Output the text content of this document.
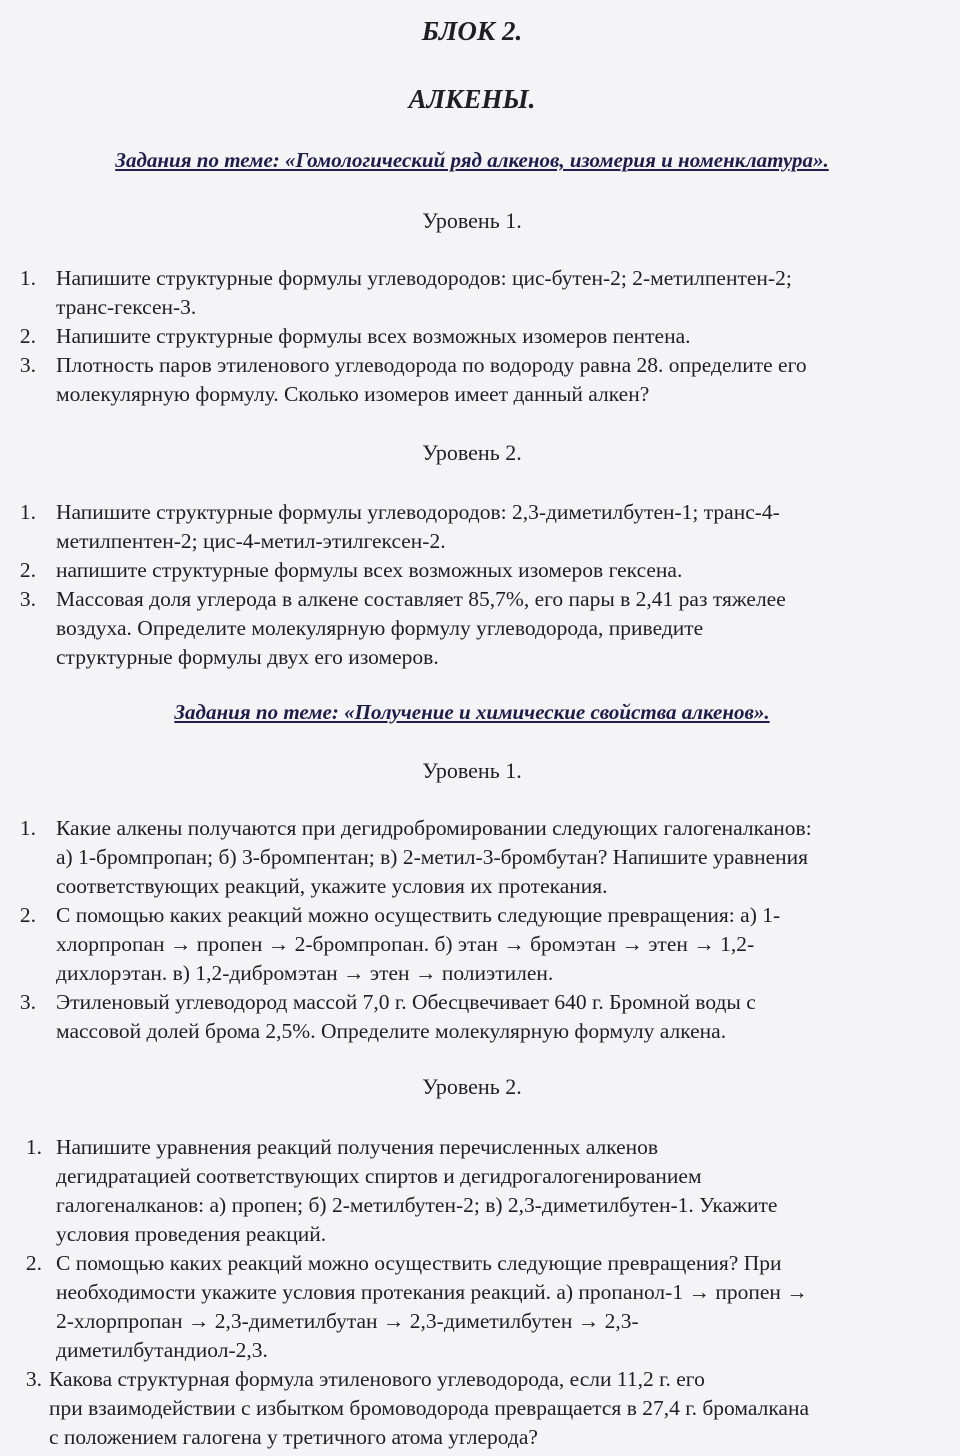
БЛОК 2.
АЛКЕНЫ.
Задания по теме: «Гомологический ряд алкенов, изомерия и номенклатура».

Уровень 1.

1. Напишите структурные формулы углеводородов: цис-бутен-2; 2-метилпентен-2;
транс-гексен-3.
2. Напишите структурные формулы всех возможных изомеров пентена.
3. Плотность паров этиленового углеводорода по водороду равна 28. определите его
молекулярную формулу. Сколько изомеров имеет данный алкен?

Уровень 2.

1. Напишите структурные формулы углеводородов: 2,3-диметилбутен-1; транс-4-
метилпентен-2; цис-4-метил-этилгексен-2.
2. напишите структурные формулы всех возможных изомеров гексена.
3. Массовая доля углерода в алкене составляет 85,7%, его пары в 2,41 раз тяжелее
воздуха. Определите молекулярную формулу углеводорода, приведите
структурные формулы двух его изомеров.
Задания по теме: «Получение и химические свойства алкенов».

Уровень 1.

1. Какие алкены получаются при дегидробромировании следующих галогеналканов:
а) 1-бромпропан; б) 3-бромпентан; в) 2-метил-3-бромбутан? Напишите уравнения
соответствующих реакций, укажите условия их протекания.
2. С помощью каких реакций можно осуществить следующие превращения: а) 1-
хлорпропан → пропен → 2-бромпропан. б) этан → бромэтан → этен → 1,2-
дихлорэтан. в) 1,2-дибромэтан → этен → полиэтилен.
3. Этиленовый углеводород массой 7,0 г. Обесцвечивает 640 г. Бромной воды с
массовой долей брома 2,5%. Определите молекулярную формулу алкена.

Уровень 2.

1. Напишите уравнения реакций получения перечисленных алкенов
дегидратацией соответствующих спиртов и дегидрогалогенированием
галогеналканов: а) пропен; б) 2-метилбутен-2; в) 2,3-диметилбутен-1. Укажите
условия проведения реакций.
2. С помощью каких реакций можно осуществить следующие превращения? При
необходимости укажите условия протекания реакций. а) пропанол-1 → пропен →
2-хлорпропан → 2,3-диметилбутан → 2,3-диметилбутен → 2,3-
диметилбутандиол-2,3.
3. Какова структурная формула этиленового углеводорода, если 11,2 г. его
при взаимодействии с избытком бромоводорода превращается в 27,4 г. бромалкана
с положением галогена у третичного атома углерода?
